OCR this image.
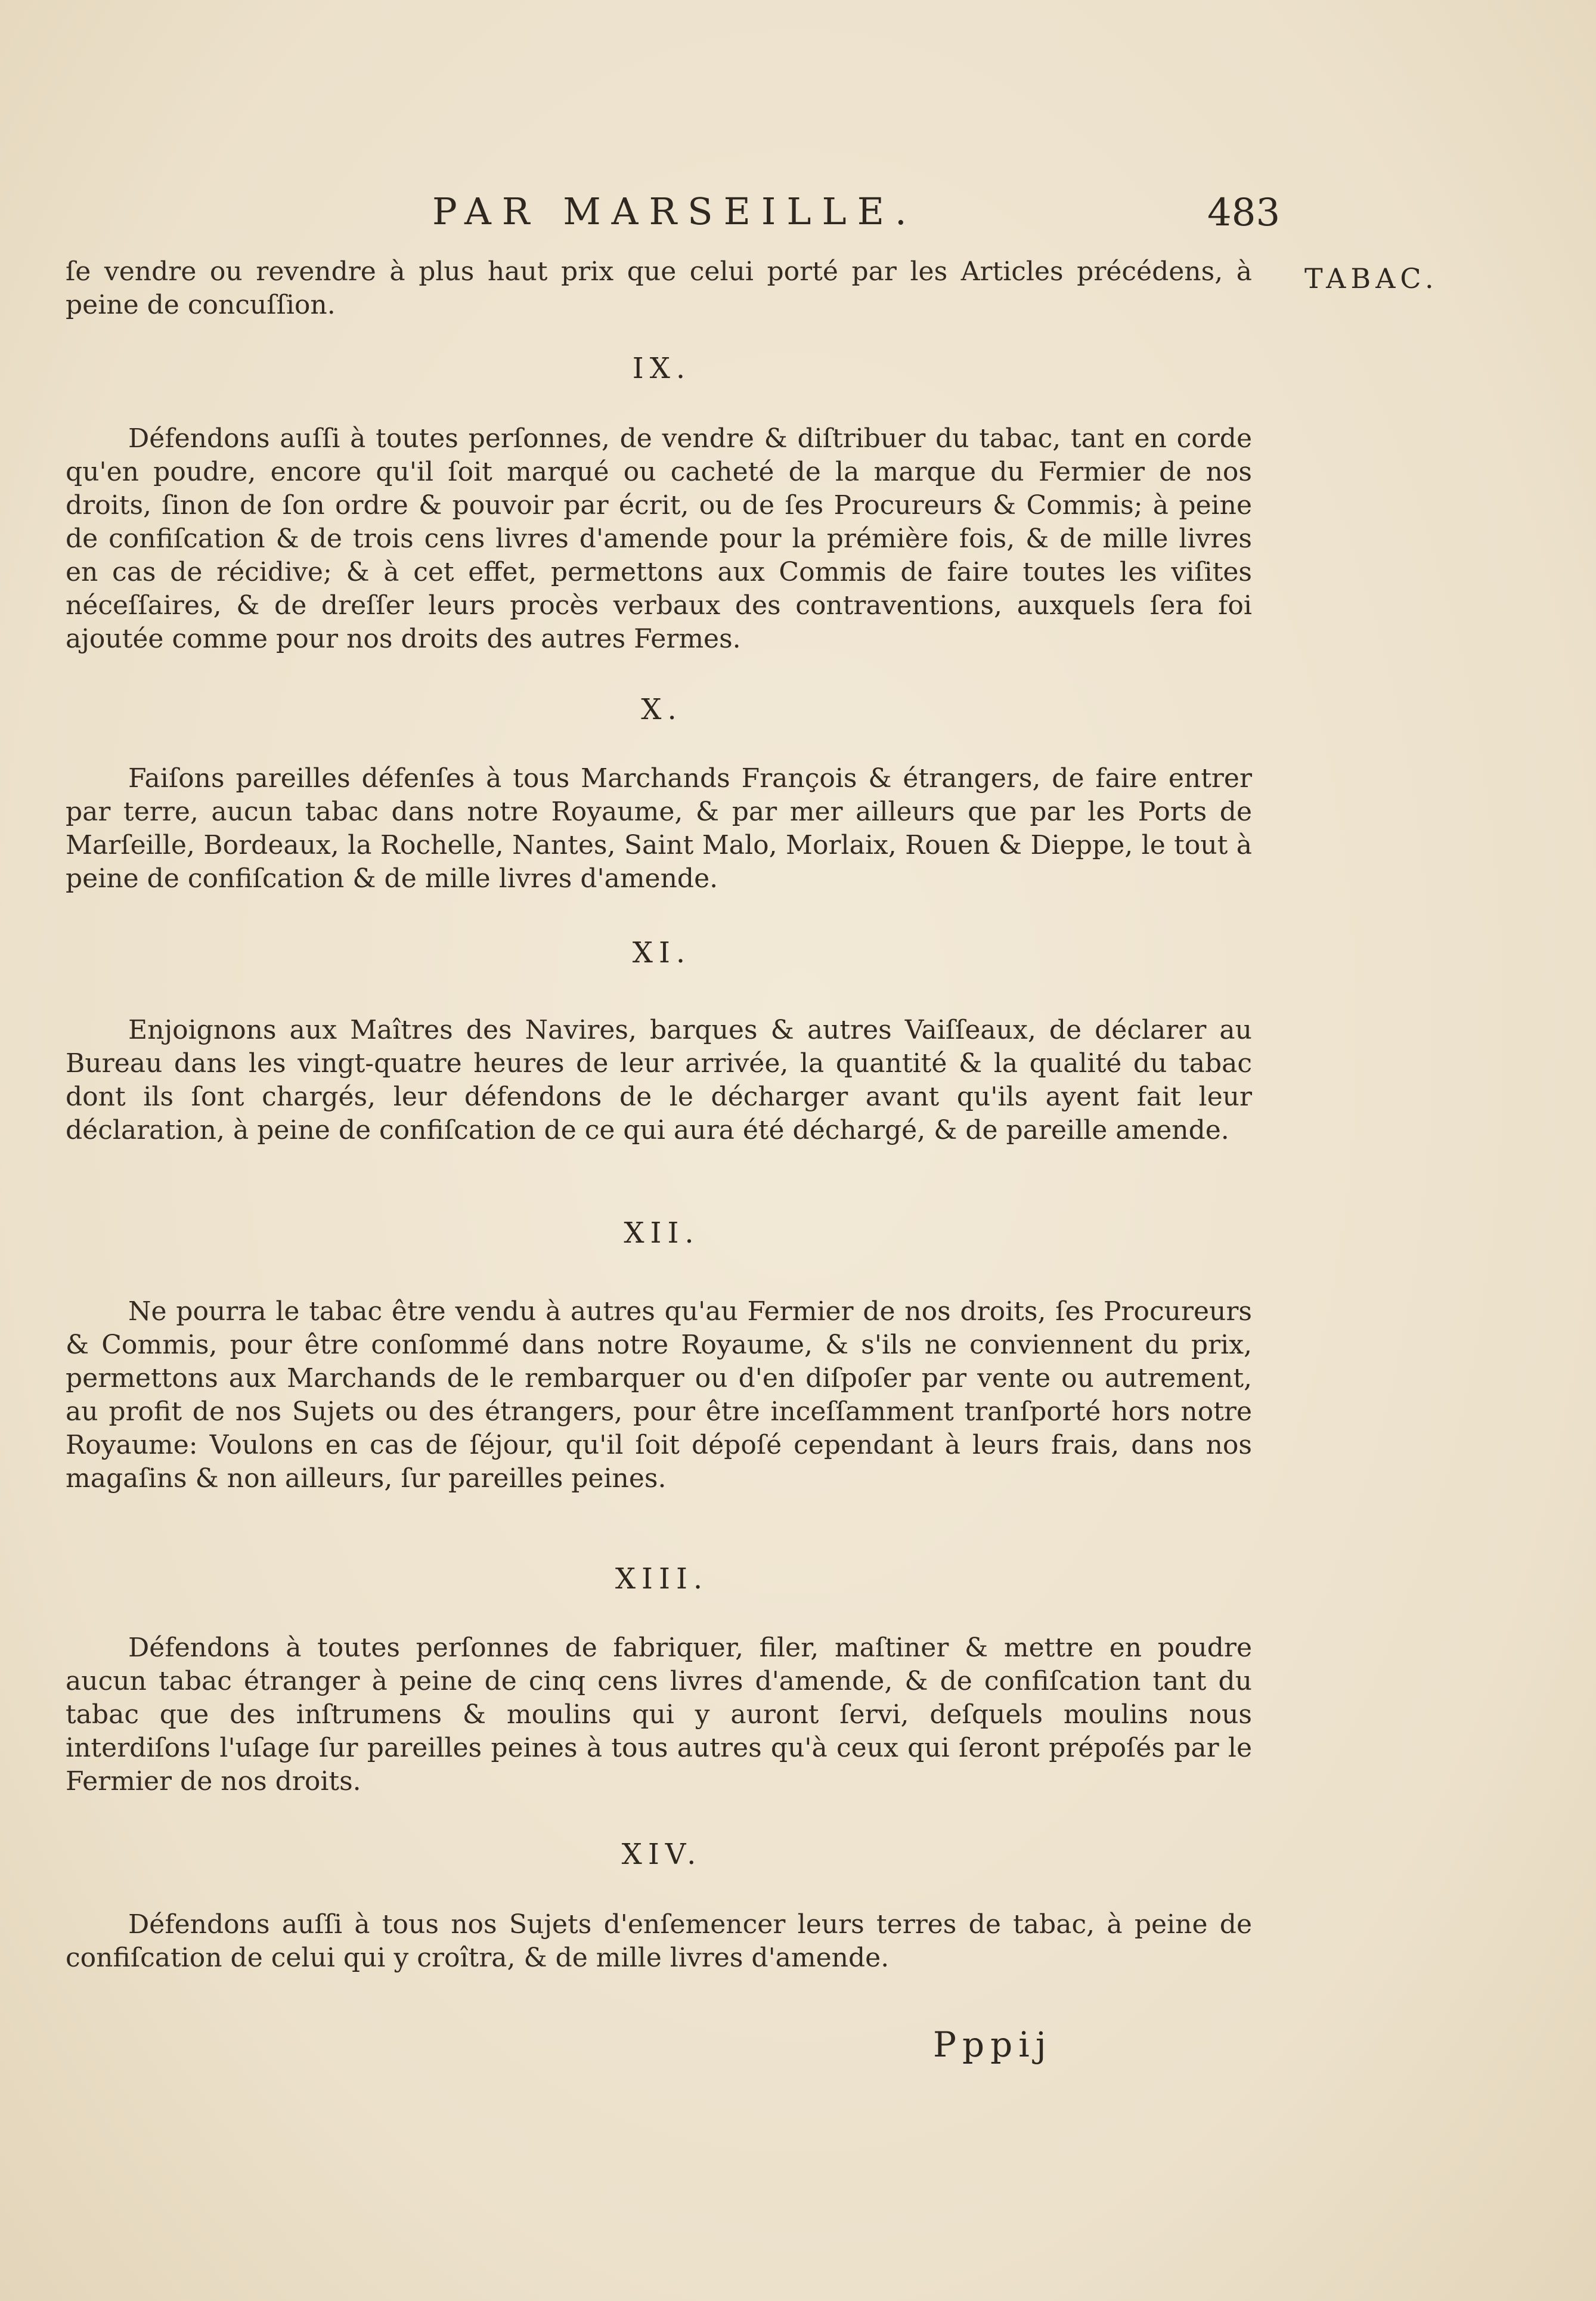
PAR MARSEILLE.	483
TABAC.

ſe vendre ou revendre à plus haut prix que celui porté par les Articles précédens, à peine de concuſſion.

IX.

Défendons auſſi à toutes perſonnes, de vendre & diſtribuer du tabac, tant en corde qu'en poudre, encore qu'il ſoit marqué ou cacheté de la marque du Fermier de nos droits, ſinon de ſon ordre & pouvoir par écrit, ou de ſes Procureurs & Commis; à peine de confiſcation & de trois cens livres d'amende pour la prémière fois, & de mille livres en cas de récidive; & à cet effet, permettons aux Commis de faire toutes les viſites néceſſaires, & de dreſſer leurs procès verbaux des contraventions, auxquels ſera foi ajoutée comme pour nos droits des autres Fermes.

X.

Faiſons pareilles défenſes à tous Marchands François & étrangers, de faire entrer par terre, aucun tabac dans notre Royaume, & par mer ailleurs que par les Ports de Marſeille, Bordeaux, la Rochelle, Nantes, Saint Malo, Morlaix, Rouen & Dieppe, le tout à peine de confiſcation & de mille livres d'amende.

XI.

Enjoignons aux Maîtres des Navires, barques & autres Vaiſſeaux, de déclarer au Bureau dans les vingt-quatre heures de leur arrivée, la quantité & la qualité du tabac dont ils ſont chargés, leur défendons de le décharger avant qu'ils ayent fait leur déclaration, à peine de confiſcation de ce qui aura été déchargé, & de pareille amende.

XII.

Ne pourra le tabac être vendu à autres qu'au Fermier de nos droits, ſes Procureurs & Commis, pour être conſommé dans notre Royaume, & s'ils ne conviennent du prix, permettons aux Marchands de le rembarquer ou d'en diſpoſer par vente ou autrement, au profit de nos Sujets ou des étrangers, pour être inceſſamment tranſporté hors notre Royaume: Voulons en cas de ſéjour, qu'il ſoit dépoſé cependant à leurs frais, dans nos magaſins & non ailleurs, ſur pareilles peines.

XIII.

Défendons à toutes perſonnes de fabriquer, filer, maſtiner & mettre en poudre aucun tabac étranger à peine de cinq cens livres d'amende, & de confiſcation tant du tabac que des inſtrumens & moulins qui y auront ſervi, deſquels moulins nous interdiſons l'uſage ſur pareilles peines à tous autres qu'à ceux qui ſeront prépoſés par le Fermier de nos droits.

XIV.

Défendons auſſi à tous nos Sujets d'enſemencer leurs terres de tabac, à peine de confiſcation de celui qui y croîtra, & de mille livres d'amende.

Pppij
